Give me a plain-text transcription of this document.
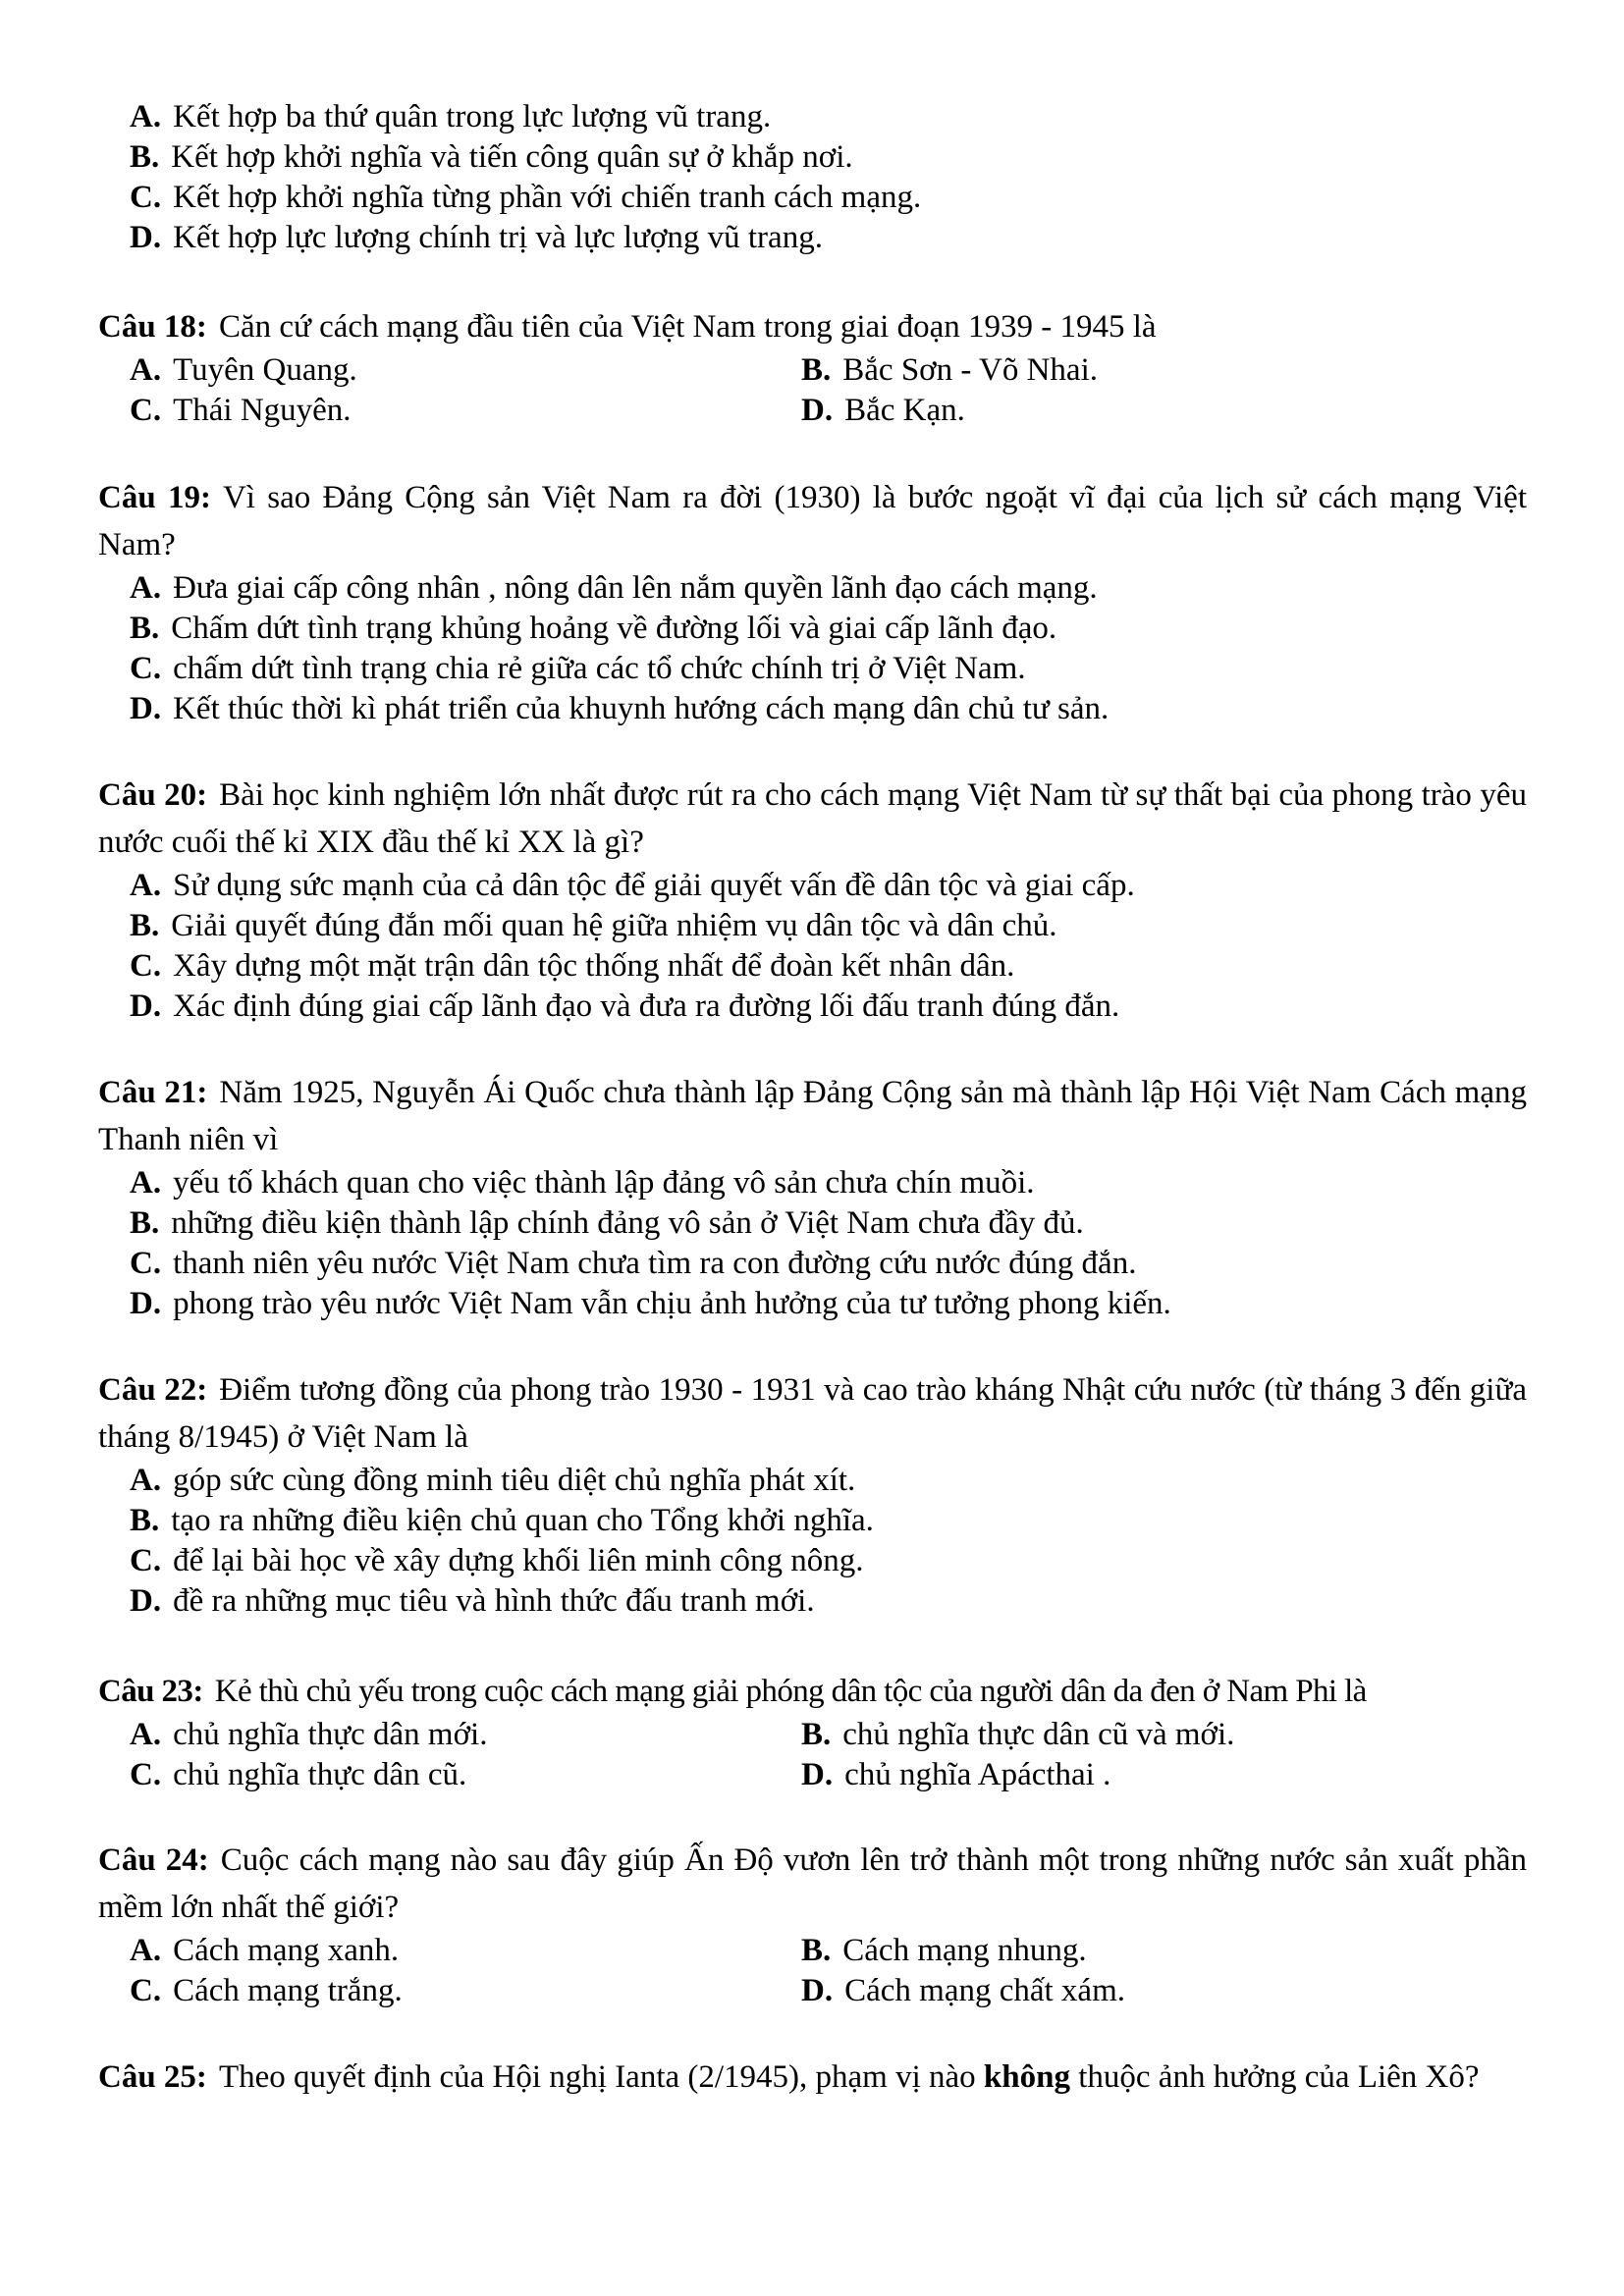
A. Kết hợp ba thứ quân trong lực lượng vũ trang.
B. Kết hợp khởi nghĩa và tiến công quân sự ở khắp nơi.
C. Kết hợp khởi nghĩa từng phần với chiến tranh cách mạng.
D. Kết hợp lực lượng chính trị và lực lượng vũ trang.
Câu 18: Căn cứ cách mạng đầu tiên của Việt Nam trong giai đoạn 1939 - 1945 là
A. Tuyên Quang.	B. Bắc Sơn - Võ Nhai.
C. Thái Nguyên.	D. Bắc Kạn.
Câu 19: Vì sao Đảng Cộng sản Việt Nam ra đời (1930) là bước ngoặt vĩ đại của lịch sử cách mạng Việt Nam?
A. Đưa giai cấp công nhân , nông dân lên nắm quyền lãnh đạo cách mạng.
B. Chấm dứt tình trạng khủng hoảng về đường lối và giai cấp lãnh đạo.
C. chấm dứt tình trạng chia rẻ giữa các tổ chức chính trị ở Việt Nam.
D. Kết thúc thời kì phát triển của khuynh hướng cách mạng dân chủ tư sản.
Câu 20: Bài học kinh nghiệm lớn nhất được rút ra cho cách mạng Việt Nam từ sự thất bại của phong trào yêu nước cuối thế kỉ XIX đầu thế kỉ XX là gì?
A. Sử dụng sức mạnh của cả dân tộc để giải quyết vấn đề dân tộc và giai cấp.
B. Giải quyết đúng đắn mối quan hệ giữa nhiệm vụ dân tộc và dân chủ.
C. Xây dựng một mặt trận dân tộc thống nhất để đoàn kết nhân dân.
D. Xác định đúng giai cấp lãnh đạo và đưa ra đường lối đấu tranh đúng đắn.
Câu 21: Năm 1925, Nguyễn Ái Quốc chưa thành lập Đảng Cộng sản mà thành lập Hội Việt Nam Cách mạng Thanh niên vì
A. yếu tố khách quan cho việc thành lập đảng vô sản chưa chín muồi.
B. những điều kiện thành lập chính đảng vô sản ở Việt Nam chưa đầy đủ.
C. thanh niên yêu nước Việt Nam chưa tìm ra con đường cứu nước đúng đắn.
D. phong trào yêu nước Việt Nam vẫn chịu ảnh hưởng của tư tưởng phong kiến.
Câu 22: Điểm tương đồng của phong trào 1930 - 1931 và cao trào kháng Nhật cứu nước (từ tháng 3 đến giữa tháng 8/1945) ở Việt Nam là
A. góp sức cùng đồng minh tiêu diệt chủ nghĩa phát xít.
B. tạo ra những điều kiện chủ quan cho Tổng khởi nghĩa.
C. để lại bài học về xây dựng khối liên minh công nông.
D. đề ra những mục tiêu và hình thức đấu tranh mới.
Câu 23: Kẻ thù chủ yếu trong cuộc cách mạng giải phóng dân tộc của người dân da đen ở Nam Phi là
A. chủ nghĩa thực dân mới.	B. chủ nghĩa thực dân cũ và mới.
C. chủ nghĩa thực dân cũ.	D. chủ nghĩa Apácthai .
Câu 24: Cuộc cách mạng nào sau đây giúp Ấn Độ vươn lên trở thành một trong những nước sản xuất phần mềm lớn nhất thế giới?
A. Cách mạng xanh.	B. Cách mạng nhung.
C. Cách mạng trắng.	D. Cách mạng chất xám.
Câu 25: Theo quyết định của Hội nghị Ianta (2/1945), phạm vị nào không thuộc ảnh hưởng của Liên Xô?
